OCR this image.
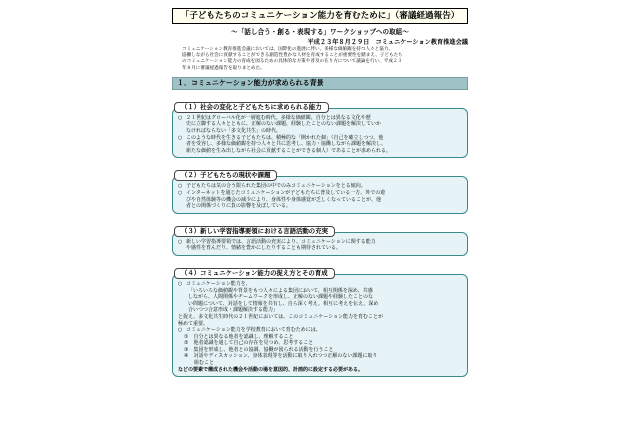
「子どもたちのコミュニケーション能力を育むために」（審議経過報告）
～「話し合う・創る・表現する」ワークショップへの取組～
平成２３年８月２９日　コミュニケーション教育推進会議
コミュニケーション教育推進会議においては、国際化の進展に伴い、多様な価値観を持つ人々と協力、
協働しながら社会に貢献することができる創造性豊かな人材を育成することが重要性を踏まえ、子どもたち
のコミュニケーション能力の育成を図るための具体的な方策や普及の在り方について議論を行い、平成２３
年８月に審議経過報告を取りまとめた。
１．コミュニケーション能力が求められる背景
（１）社会の変化と子どもたちに求められる能力
○ ２１世紀はグローバル化が一層進む時代。多様な価値観、自分とは異なる文化や歴
史に立脚する人々とともに、正解のない課題、経験したことのない課題を解決していか
なければならない「多文化共生」の時代。
○ このような時代を生きる子どもたちは、積極的な「開かれた個」（自己を確立しつつ、他
者を受容し、多様な価値観を持つ人々と共に思考し、協力・協働しながら課題を解決し、
新たな価値を生み出しながら社会に貢献することができる個人）であることが求められる。
（２）子どもたちの現状や課題
○ 子どもたちは気の合う限られた集団の中でのみコミュニケーションをとる傾向。
○ インターネットを通じたコミュニケーションが子どもたちに普及している一方、外での遊
びや自然体験等の機会の減少により、身体性や身体感覚が乏しくなっていることが、他
者との関係づくりに負の影響を及ぼしている。
（３）新しい学習指導要領における言語活動の充実
○ 新しい学習指導要領では、言語活動の充実により、コミュニケーションに関する能力
や感性を育んだり、情緒を豊かにしたりすることも期待されている。
（４）コミュニケーション能力の捉え方とその育成
○ コミュニケーション能力を、
「いろいろな価値観や背景をもつ人々による集団において、相互関係を深め、共感
しながら、人間関係やチームワークを形成し、正解のない課題や経験したことのな
い問題について、対話をして情報を共有し、自ら深く考え、相互に考えを伝え、深め
合いつつ合意形成・課題解決する能力」
と捉え、多文化共生時代の２１世紀においては、このコミュニケーション能力を育むことが
極めて重要。
○ コミュニケーション能力を学校教育において育むためには、
①　自分とは異なる他者を認識し、理解すること
②　他者認識を通して自己の存在を見つめ、思考すること
③　集団を形成し、他者との協調、協働が図られる活動を行うこと
④　対話やディスカッション、身体表現等を活動に取り入れつつ正解のない課題に取り
　　組むこと
などの要素で構成された機会や活動の場を意図的、計画的に設定する必要がある。
